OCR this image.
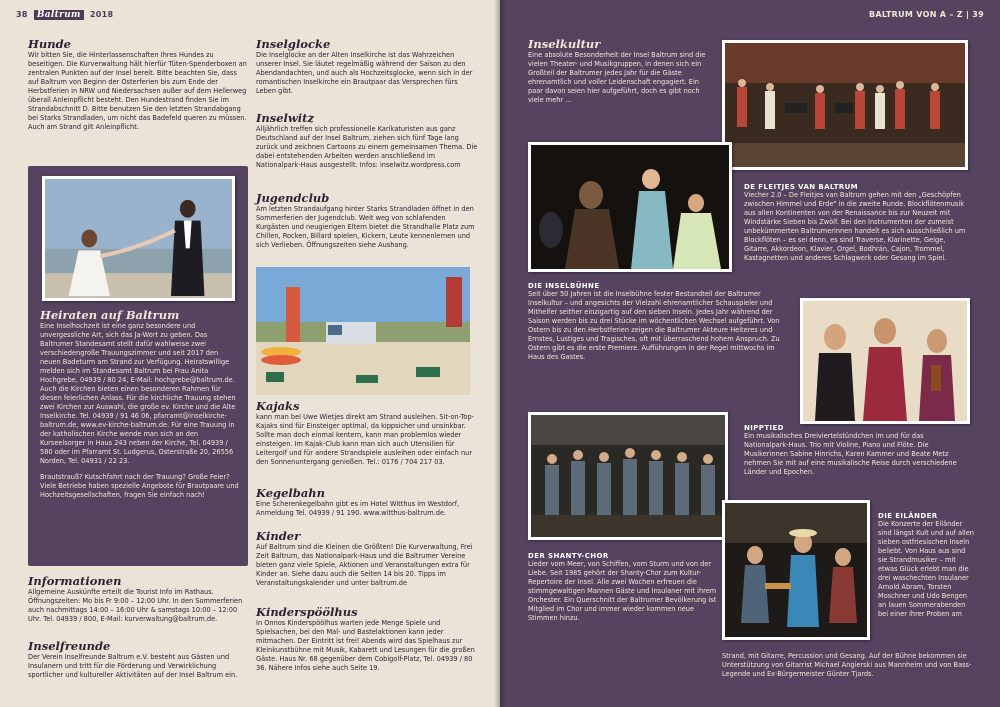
38 Baltrum 2018
Hunde
Wir bitten Sie, die Hinterlassenschaften Ihres Hundes zu beseitigen. Die Kurverwaltung hält hierfür Tüten-Spenderboxen an zentralen Punkten auf der Insel bereit. Bitte beachten Sie, dass auf Baltrum von Beginn der Osterferien bis zum Ende der Herbstferien in NRW und Niedersachsen außer auf dem Hellerweg überall Anleinpflicht besteht. Den Hundestrand finden Sie im Strandabschnitt D. Bitte benutzen Sie den letzten Strandabgang bei Starks Strandladen, um nicht das Badefeld queren zu müssen. Auch am Strand gilt Anleinpflicht.
Heiraten auf Baltrum
Eine Inselhochzeit ist eine ganz besondere und unvergessliche Art, sich das Ja-Wort zu geben. Das Baltrumer Standesamt stellt dafür wahlweise zwei verschiedengroße Trauungszimmer und seit 2017 den neuen Badeturm am Strand zur Verfügung. Heiratswillige melden sich im Standesamt Baltrum bei Frau Anita Hochgrebe, 04939 / 80 24, E-Mail: hochgrebe@baltrum.de. Auch die Kirchen bieten einen besonderen Rahmen für diesen feierlichen Anlass. Für die kirchliche Trauung stehen zwei Kirchen zur Auswahl, die große ev. Kirche und die Alte Inselkirche. Tel. 04939 / 91 46 06, pfarramt@inselkirche-baltrum.de, www.ev-kirche-baltrum.de. Für eine Trauung in der katholischen Kirche wende man sich an den Kurseelsorger in Haus 243 neben der Kirche, Tel. 04939 / 580 oder im Pfarramt St. Ludgerus, Osterstraße 20, 26556 Norden, Tel. 04931 / 22 23.
Brautstrauß? Kutschfahrt nach der Trauung? Große Feier? Viele Betriebe haben spezielle Angebote für Brautpaare und Hochzeitsgesellschaften, fragen Sie einfach nach!
Informationen
Allgemeine Auskünfte erteilt die Tourist Info im Rathaus. Öffnungszeiten: Mo bis Fr 9:00 – 12:00 Uhr. In den Sommerferien auch nachmittags 14:00 – 16:00 Uhr & samstags 10:00 – 12:00 Uhr. Tel. 04939 / 800, E-Mail: kurverwaltung@baltrum.de.
Inselfreunde
Der Verein Inselfreunde Baltrum e.V. besteht aus Gästen und Insulanern und tritt für die Förderung und Verwirklichung sportlicher und kultureller Aktivitäten auf der Insel Baltrum ein.
Inselglocke
Die Inselglocke an der Alten Inselkirche ist das Wahrzeichen unserer Insel. Sie läutet regelmäßig während der Saison zu den Abendandachten, und auch als Hochzeitsglocke, wenn sich in der romantischen Inselkirche ein Brautpaar das Versprechen fürs Leben gibt.
Inselwitz
Alljährlich treffen sich professionelle Karikaturisten aus ganz Deutschland auf der Insel Baltrum, ziehen sich fünf Tage lang zurück und zeichnen Cartoons zu einem gemeinsamen Thema. Die dabei entstehenden Arbeiten werden anschließend im Nationalpark-Haus ausgestellt. Infos: inselwitz.wordpress.com
Jugendclub
Am letzten Strandaufgang hinter Starks Strandladen öffnet in den Sommerferien der Jugendclub. Weit weg von schlafenden Kurgästen und neugierigen Eltern bietet die Strandhalle Platz zum Chillen, Rocken, Billard spielen, Kickern, Leute kennenlernen und sich Verlieben. Öffnungszeiten siehe Aushang.
Kajaks
kann man bei Uwe Wietjes direkt am Strand ausleihen. Sit-on-Top-Kajaks sind für Einsteiger optimal, da kippsicher und unsinkbar. Sollte man doch einmal kentern, kann man problemlos wieder einsteigen. Im Kajak-Club kann man sich auch Utensilien für Leitergolf und für andere Strandspiele ausleihen oder einfach nur den Sonnenuntergang genießen. Tel.: 0176 / 704 217 03.
Kegelbahn
Eine Scherenkegelbahn gibt es im Hotel Witthus im Westdorf, Anmeldung Tel. 04939 / 91 190. www.witthus-baltrum.de.
Kinder
Auf Baltrum sind die Kleinen die Größten! Die Kurverwaltung, Frei Zeit Baltrum, das Nationalpark-Haus und die Baltrumer Vereine bieten ganz viele Spiele, Aktionen und Veranstaltungen extra für Kinder an. Siehe dazu auch die Seiten 14 bis 20. Tipps im Veranstaltungskalender und unter baltrum.de
Kinderspöölhus
In Onnos Kinderspöölhus warten jede Menge Spiele und Spielsachen, bei den Mal- und Bastelaktionen kann jeder mitmachen. Der Eintritt ist frei! Abends wird das Spielhaus zur Kleinkunstbühne mit Musik, Kabarett und Lesungen für die großen Gäste. Haus Nr. 68 gegenüber dem Cobigolf-Platz, Tel. 04939 / 80 36. Nähere Infos siehe auch Seite 19.
BALTRUM VON A – Z | 39
Inselkultur
Eine absolute Besonderheit der Insel Baltrum sind die vielen Theater- und Musikgruppen, in denen sich ein Großteil der Baltrumer jedes Jahr für die Gäste ehrenamtlich und voller Leidenschaft engagiert. Ein paar davon seien hier aufgeführt, doch es gibt noch viele mehr …
DE FLEITJES VAN BALTRUM
Viecher 2.0 – De Fleitjes van Baltrum gehen mit den „Geschöpfen zwischen Himmel und Erde" in die zweite Runde. Blockflötenmusik aus allen Kontinenten von der Renaissance bis zur Neuzeit mit Windstärke Sieben bis Zwölf. Bei den Instrumenten der zumeist unbekümmerten Baltrumerinnen handelt es sich ausschließlich um Blockflöten – es sei denn, es sind Traverse, Klarinette, Geige, Gitarre, Akkordeon, Klavier, Orgel, Bodhrán, Cajon, Trommel, Kastagnetten und anderes Schlagwerk oder Gesang im Spiel.
DIE INSELBÜHNE
Seit über 50 Jahren ist die Inselbühne fester Bestandteil der Baltrumer Inselkultur – und angesichts der Vielzahl ehrenamtlicher Schauspieler und Mithelfer seither einzigartig auf den sieben Inseln. Jedes Jahr während der Saison werden bis zu drei Stücke im wöchentlichen Wechsel aufgeführt. Von Ostern bis zu den Herbstferien zeigen die Baltrumer Akteure Heiteres und Ernstes, Lustiges und Tragisches, oft mit überraschend hohem Anspruch. Zu Ostern gibt es die erste Premiere. Aufführungen in der Regel mittwochs im Haus des Gastes.
NIPPTIED
Ein musikalisches Dreiviertelstündchen im und für das Nationalpark-Haus. Trio mit Violine, Piano und Flöte. Die Musikerinnen Sabine Hinrichs, Karen Kammer und Beate Metz nehmen Sie mit auf eine musikalische Reise durch verschiedene Länder und Epochen.
DIE EILÄNDER
Die Konzerte der Eiländer sind längst Kult und auf allen sieben ostfriesischen Inseln beliebt. Von Haus aus sind sie Strandmusiker – mit etwas Glück erlebt man die drei waschechten Insulaner Arnold Abram, Torsten Moschner und Udo Bengen an lauen Sommerabenden bei einer ihrer Proben am
DER SHANTY-CHOR
Lieder vom Meer, von Schiffen, vom Sturm und von der Liebe. Seit 1985 gehört der Shanty-Chor zum Kultur-Repertoire der Insel. Alle zwei Wochen erfreuen die stimmgewaltigen Mannen Gäste und Insulaner mit ihrem Orchester. Ein Querschnitt der Baltrumer Bevölkerung ist Mitglied im Chor und immer wieder kommen neue Stimmen hinzu.
Strand, mit Gitarre, Percussion und Gesang. Auf der Bühne bekommen sie Unterstützung von Gitarrist Michael Angierski aus Mannheim und von Bass-Legende und Ex-Bürgermeister Günter Tjards.
